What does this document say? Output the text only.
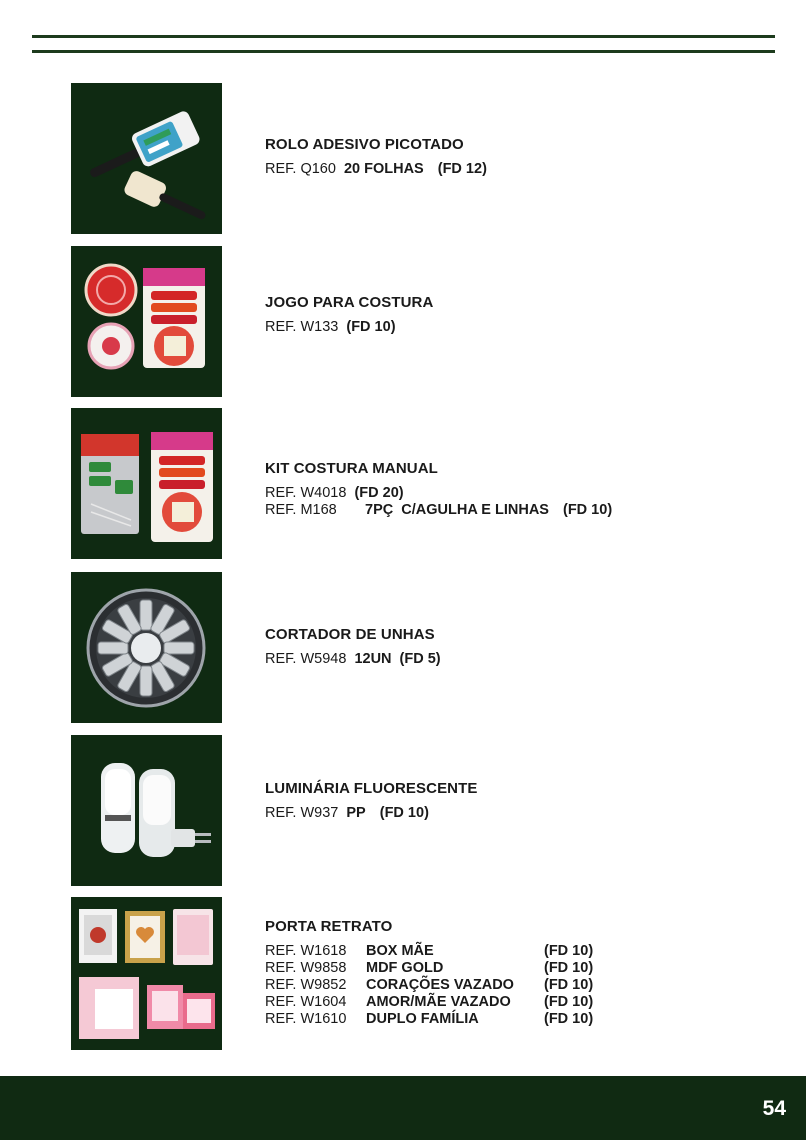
ROLO ADESIVO PICOTADO
REF. Q160 20 FOLHAS (FD 12)
JOGO PARA COSTURA
REF. W133 (FD 10)
KIT COSTURA MANUAL
REF. W4018 (FD 20)
REF. M168 7PÇ C/AGULHA E LINHAS (FD 10)
CORTADOR DE UNHAS
REF. W5948 12UN (FD 5)
LUMINÁRIA FLUORESCENTE
REF. W937 PP (FD 10)
PORTA RETRATO
REF. W1618	BOX MÃE	(FD 10)
REF. W9858	MDF GOLD	(FD 10)
REF. W9852	CORAÇÕES VAZADO	(FD 10)
REF. W1604	AMOR/MÃE VAZADO	(FD 10)
REF. W1610	DUPLO FAMÍLIA	(FD 10)
54
